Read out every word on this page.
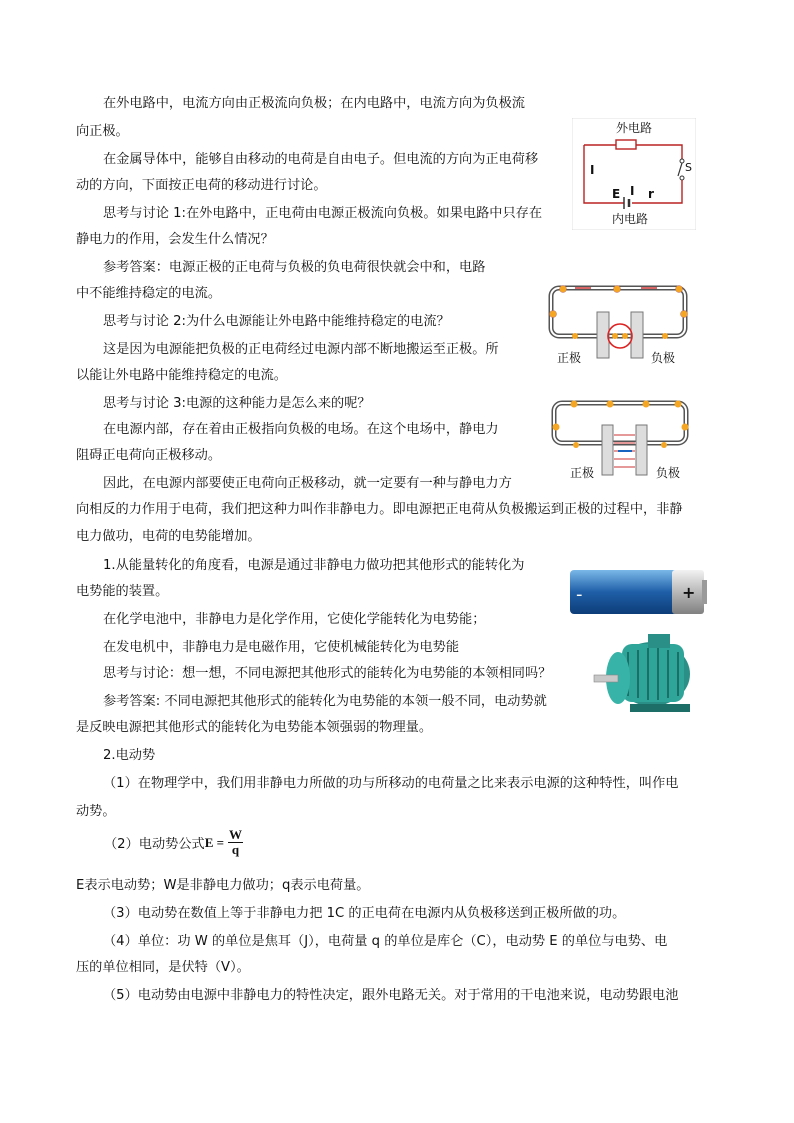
在外电路中，电流方向由正极流向负极；在内电路中，电流方向为负极流
向正极。
在金属导体中，能够自由移动的电荷是自由电子。但电流的方向为正电荷移
动的方向，下面按正电荷的移动进行讨论。
思考与讨论 1:在外电路中，正电荷由电源正极流向负极。如果电路中只存在
静电力的作用，会发生什么情况？
参考答案：电源正极的正电荷与负极的负电荷很快就会中和，电路
中不能维持稳定的电流。
思考与讨论 2:为什么电源能让外电路中能维持稳定的电流？
这是因为电源能把负极的正电荷经过电源内部不断地搬运至正极。所
以能让外电路中能维持稳定的电流。
思考与讨论 3:电源的这种能力是怎么来的呢？
在电源内部，存在着由正极指向负极的电场。在这个电场中，静电力
阻碍正电荷向正极移动。
因此，在电源内部要使正电荷向正极移动，就一定要有一种与静电力方
向相反的力作用于电荷，我们把这种力叫作非静电力。即电源把正电荷从负极搬运到正极的过程中，非静
电力做功，电荷的电势能增加。
1.从能量转化的角度看，电源是通过非静电力做功把其他形式的能转化为
电势能的装置。
在化学电池中，非静电力是化学作用，它使化学能转化为电势能；
在发电机中，非静电力是电磁作用，它使机械能转化为电势能
思考与讨论：想一想，不同电源把其他形式的能转化为电势能的本领相同吗？
参考答案: 不同电源把其他形式的能转化为电势能的本领一般不同，电动势就
是反映电源把其他形式的能转化为电势能本领强弱的物理量。
2.电动势
（1）在物理学中，我们用非静电力所做的功与所移动的电荷量之比来表示电源的这种特性，叫作电
动势。
（2）电动势公式 $E = \frac{W}{q}$
E表示电动势；W是非静电力做功；q表示电荷量。
（3）电动势在数值上等于非静电力把 1C 的正电荷在电源内从负极移送到正极所做的功。
（4）单位：功 W 的单位是焦耳（J），电荷量 q 的单位是库仑（C），电动势 E 的单位与电势、电
压的单位相同，是伏特（V）。
（5）电动势由电源中非静电力的特性决定，跟外电路无关。对于常用的干电池来说，电动势跟电池
外电路
S
I
E I r
内电路
正极	负极
正极	负极
-	+
